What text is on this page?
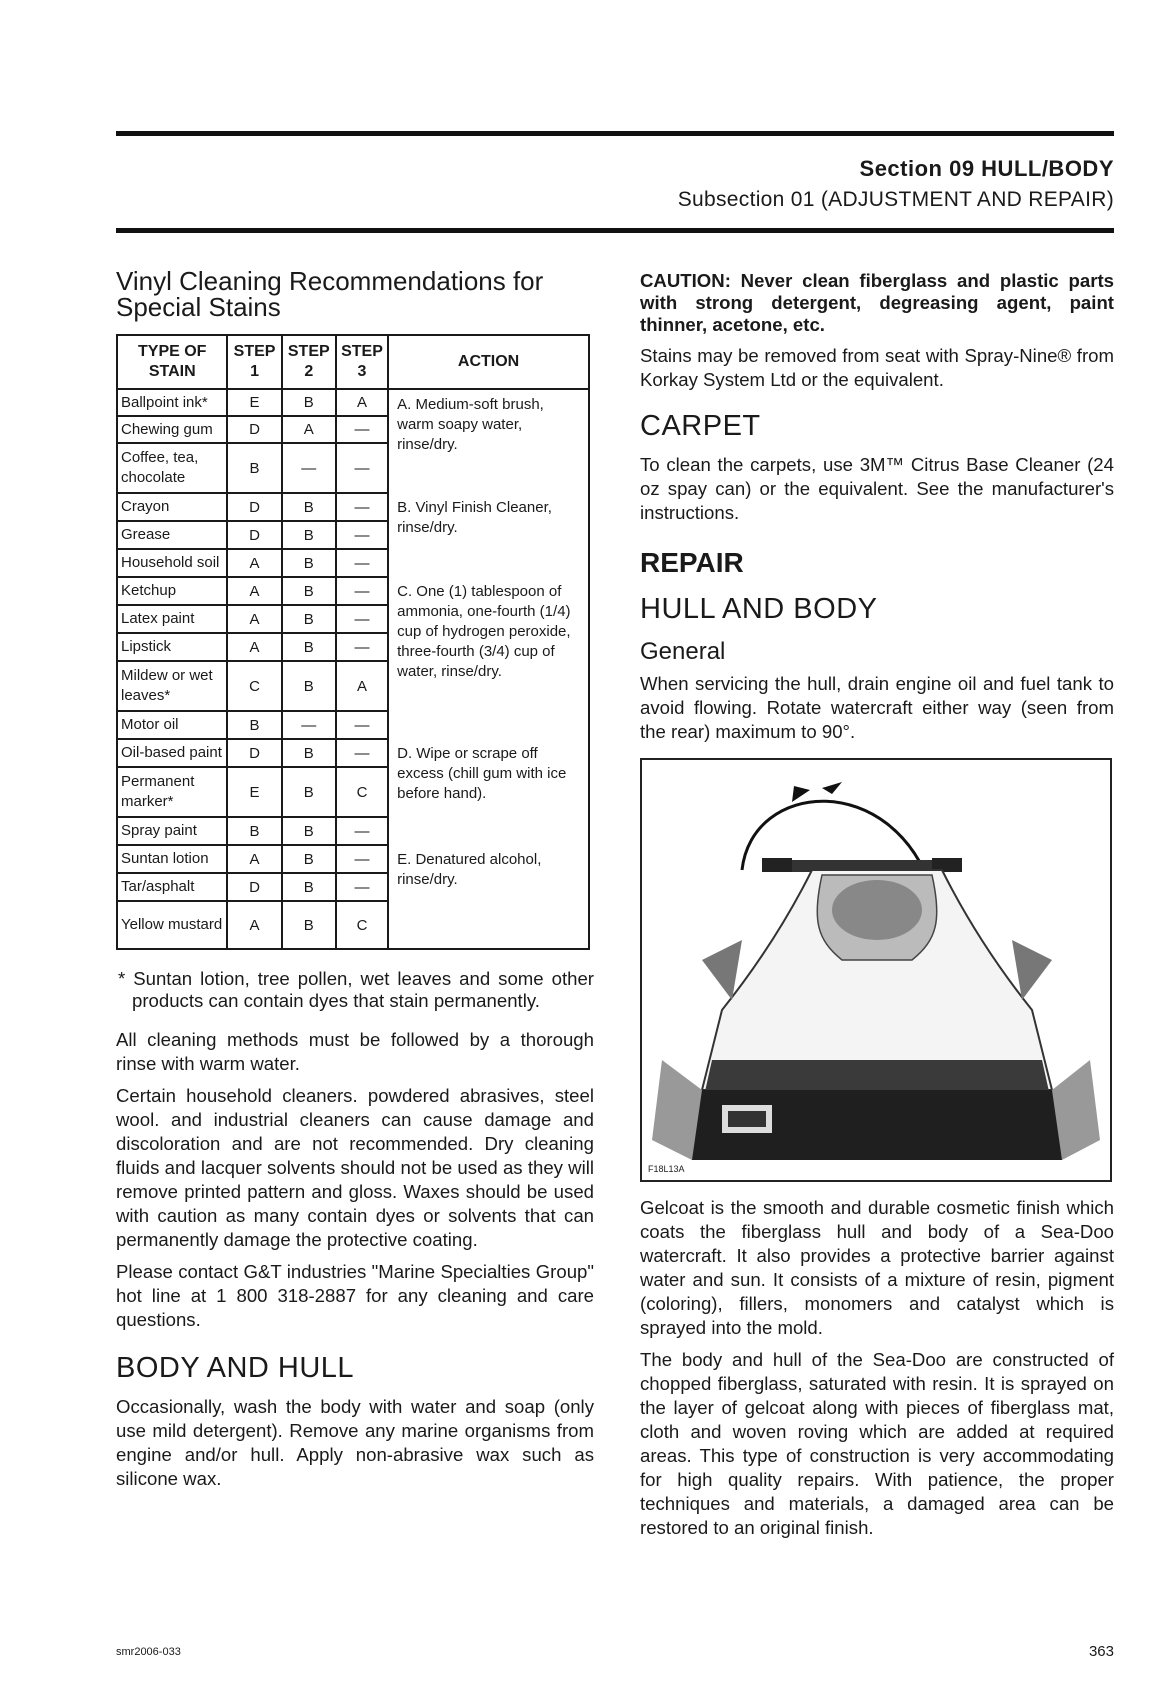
Section 09 HULL/BODY
Subsection 01 (ADJUSTMENT AND REPAIR)
Vinyl Cleaning Recommendations for Special Stains
TYPE OF STAIN	STEP 1	STEP 2	STEP 3	ACTION
Ballpoint ink*	E	B	A	A. Medium-soft brush, warm soapy water, rinse/dry.

Chewing gum	D	A	—	
Coffee, tea, chocolate	B	—	—	
Crayon	D	B	—	B. Vinyl Finish Cleaner, rinse/dry.

Grease	D	B	—	
Household soil	A	B	—	
Ketchup	A	B	—	C. One (1) tablespoon of ammonia, one-fourth (1/4) cup of hydrogen peroxide, three-fourth (3/4) cup of water, rinse/dry.

Latex paint	A	B	—	
Lipstick	A	B	—	
Mildew or wet leaves*	C	B	A	
Motor oil	B	—	—	
Oil-based paint	D	B	—	D. Wipe or scrape off excess (chill gum with ice before hand).

Permanent marker*	E	B	C	
Spray paint	B	B	—	
Suntan lotion	A	B	—	E. Denatured alcohol, rinse/dry.

Tar/asphalt	D	B	—	
Yellow mustard	A	B	C	

* Suntan lotion, tree pollen, wet leaves and some other products can contain dyes that stain permanently.

All cleaning methods must be followed by a thorough rinse with warm water.

Certain household cleaners. powdered abrasives, steel wool. and industrial cleaners can cause damage and discoloration and are not recommended. Dry cleaning fluids and lacquer solvents should not be used as they will remove printed pattern and gloss. Waxes should be used with caution as many contain dyes or solvents that can permanently damage the protective coating.

Please contact G&T industries "Marine Specialties Group" hot line at 1 800 318-2887 for any cleaning and care questions.

BODY AND HULL

Occasionally, wash the body with water and soap (only use mild detergent). Remove any marine organisms from engine and/or hull. Apply non-abrasive wax such as silicone wax.

CAUTION: Never clean fiberglass and plastic parts with strong detergent, degreasing agent, paint thinner, acetone, etc.

Stains may be removed from seat with Spray-Nine® from Korkay System Ltd or the equivalent.

CARPET

To clean the carpets, use 3M™ Citrus Base Cleaner (24 oz spay can) or the equivalent. See the manufacturer's instructions.

REPAIR
HULL AND BODY
General

When servicing the hull, drain engine oil and fuel tank to avoid flowing. Rotate watercraft either way (seen from the rear) maximum to 90°.

F18L13A

Gelcoat is the smooth and durable cosmetic finish which coats the fiberglass hull and body of a Sea-Doo watercraft. It also provides a protective barrier against water and sun. It consists of a mixture of resin, pigment (coloring), fillers, monomers and catalyst which is sprayed into the mold.

The body and hull of the Sea-Doo are constructed of chopped fiberglass, saturated with resin. It is sprayed on the layer of gelcoat along with pieces of fiberglass mat, cloth and woven roving which are added at required areas. This type of construction is very accommodating for high quality repairs. With patience, the proper techniques and materials, a damaged area can be restored to an original finish.

smr2006-033	363
